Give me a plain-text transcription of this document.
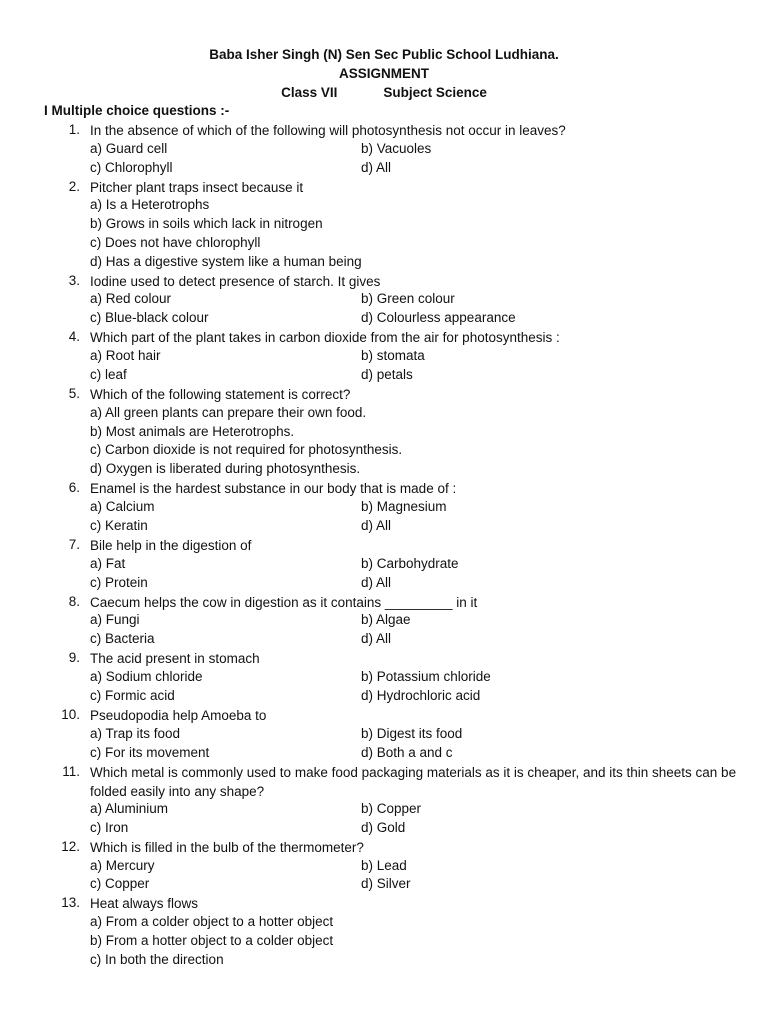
Baba Isher Singh (N) Sen Sec Public School Ludhiana.
ASSIGNMENT
Class VII	Subject Science
I Multiple choice questions :-
1. In the absence of which of the following will photosynthesis not occur in leaves?
a) Guard cell	b) Vacuoles
c) Chlorophyll	d) All
2. Pitcher plant traps insect because it
a) Is a Heterotrophs
b) Grows in soils which lack in nitrogen
c) Does not have chlorophyll
d) Has a digestive system like a human being
3. Iodine used to detect presence of starch. It gives
a) Red colour	b) Green colour
c) Blue-black colour	d) Colourless appearance
4. Which part of the plant takes in carbon dioxide from the air for photosynthesis :
a) Root hair	b) stomata
c) leaf	d) petals
5. Which of the following statement is correct?
a) All green plants can prepare their own food.
b) Most animals are Heterotrophs.
c) Carbon dioxide is not required for photosynthesis.
d) Oxygen is liberated during photosynthesis.
6. Enamel is the hardest substance in our body that is made of :
a) Calcium	b) Magnesium
c) Keratin	d) All
7. Bile help in the digestion of
a) Fat	b) Carbohydrate
c) Protein	d) All
8. Caecum helps the cow in digestion as it contains _________ in it
a) Fungi	b) Algae
c) Bacteria	d) All
9. The acid present in stomach
a) Sodium chloride	b) Potassium chloride
c) Formic acid	d) Hydrochloric acid
10. Pseudopodia help Amoeba to
a) Trap its food	b) Digest its food
c) For its movement	d) Both a and c
11. Which metal is commonly used to make food packaging materials as it is cheaper, and its thin sheets can be folded easily into any shape?
a) Aluminium	b) Copper
c) Iron	d) Gold
12. Which is filled in the bulb of the thermometer?
a) Mercury	b) Lead
c) Copper	d) Silver
13. Heat always flows
a) From a colder object to a hotter object
b) From a hotter object to a colder object
c) In both the direction
